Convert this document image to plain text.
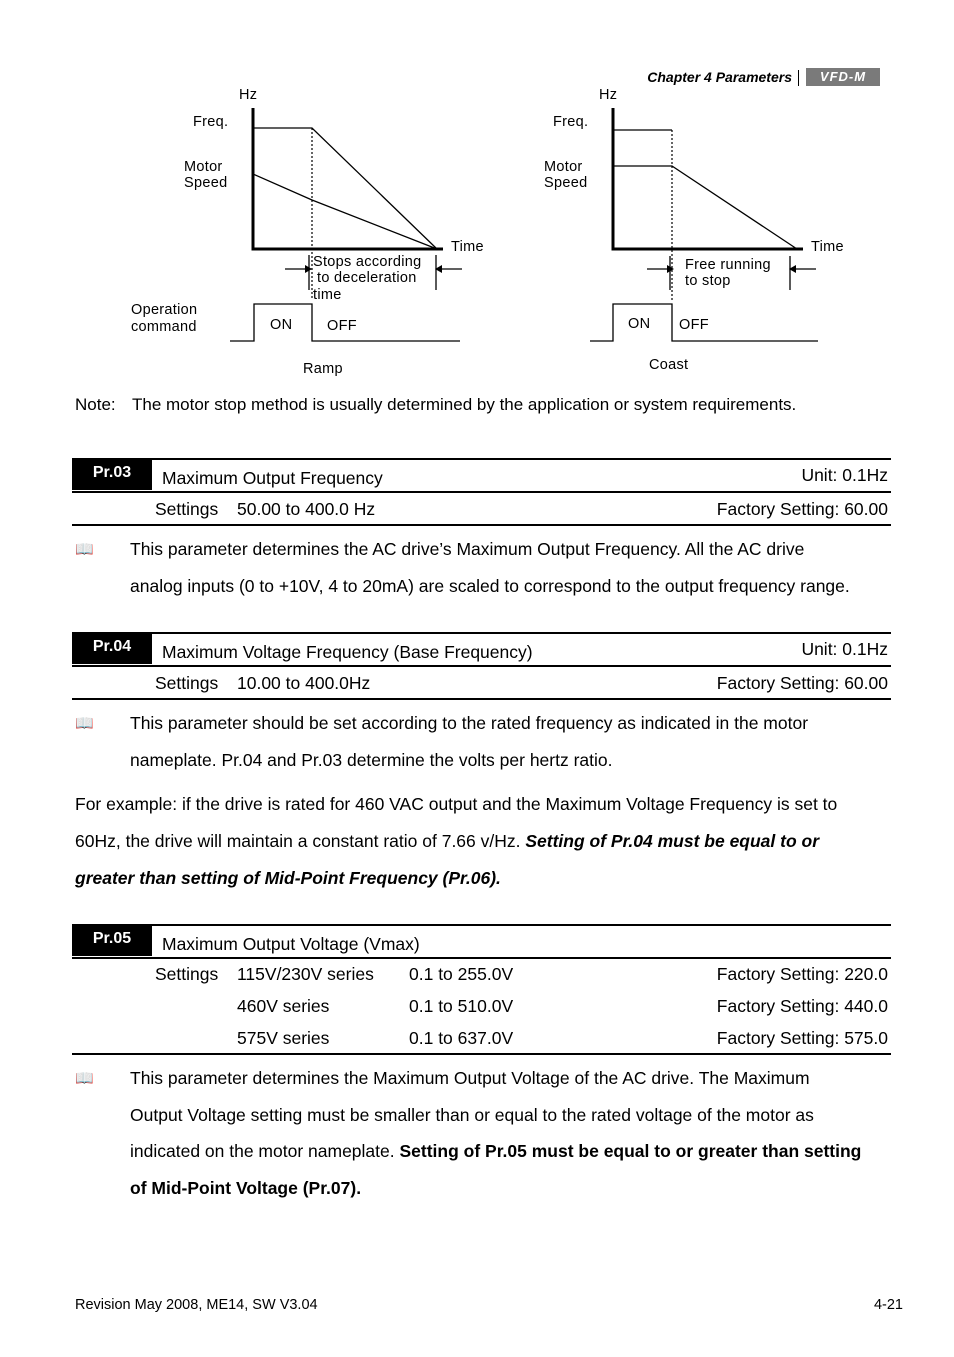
Chapter 4 Parameters	VFD-M
Hz
Freq.
Motor
Speed
Time
Stops according
to deceleration
time
Operation
command	ON OFF
Ramp
Hz
Freq.
Motor
Speed
Time
Free running
to stop
ON OFF
Coast
Note: The motor stop method is usually determined by the application or system requirements.
Pr.03	Maximum Output Frequency	Unit: 0.1Hz
Settings 50.00 to 400.0 Hz	Factory Setting: 60.00
📖 This parameter determines the AC drive’s Maximum Output Frequency. All the AC drive
analog inputs (0 to +10V, 4 to 20mA) are scaled to correspond to the output frequency range.
Pr.04	Maximum Voltage Frequency (Base Frequency)	Unit: 0.1Hz
Settings 10.00 to 400.0Hz	Factory Setting: 60.00
📖 This parameter should be set according to the rated frequency as indicated in the motor
nameplate. Pr.04 and Pr.03 determine the volts per hertz ratio.
For example: if the drive is rated for 460 VAC output and the Maximum Voltage Frequency is set to
60Hz, the drive will maintain a constant ratio of 7.66 v/Hz. Setting of Pr.04 must be equal to or
greater than setting of Mid-Point Frequency (Pr.06).
Pr.05	Maximum Output Voltage (Vmax)
Settings 115V/230V series 0.1 to 255.0V	Factory Setting: 220.0
460V series	0.1 to 510.0V	Factory Setting: 440.0
575V series	0.1 to 637.0V	Factory Setting: 575.0
📖 This parameter determines the Maximum Output Voltage of the AC drive. The Maximum
Output Voltage setting must be smaller than or equal to the rated voltage of the motor as
indicated on the motor nameplate. Setting of Pr.05 must be equal to or greater than setting
of Mid-Point Voltage (Pr.07).
Revision May 2008, ME14, SW V3.04	4-21
